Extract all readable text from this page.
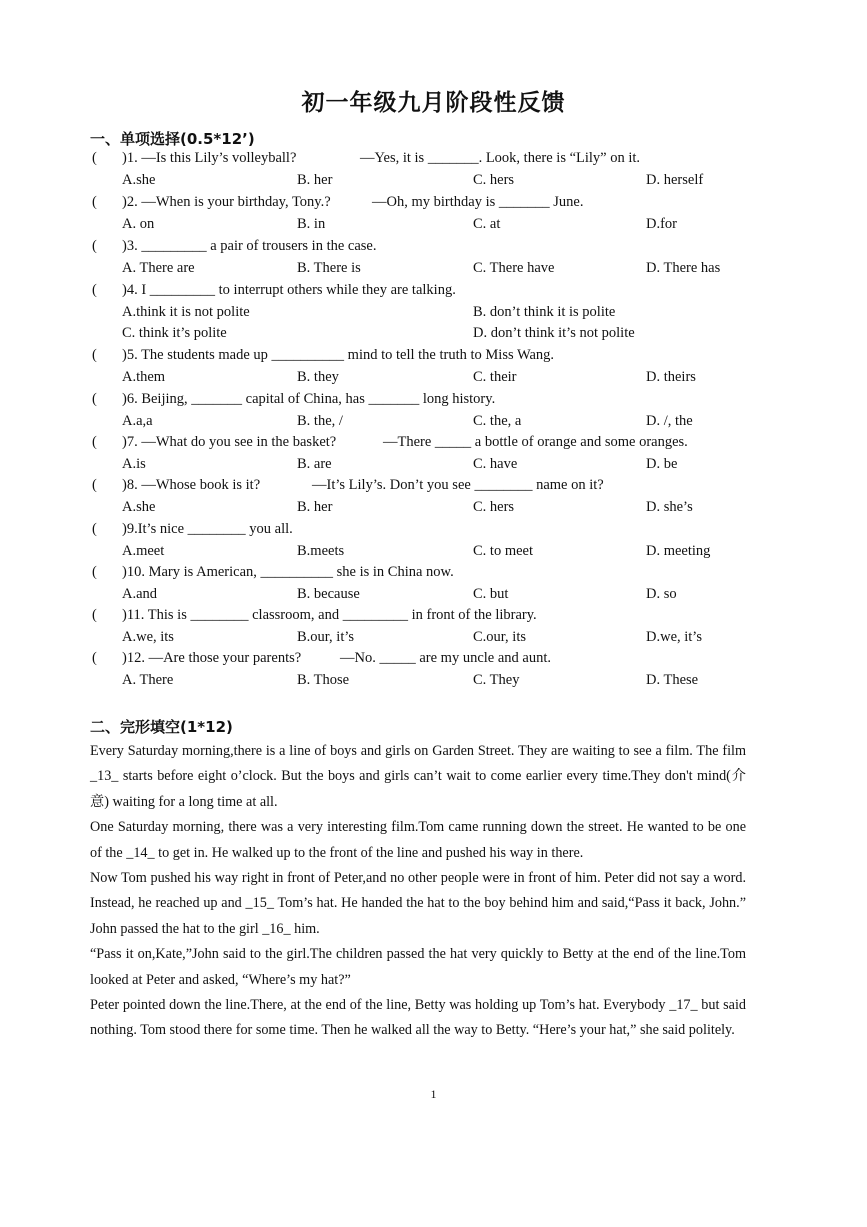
初一年级九月阶段性反馈
一、单项选择(0.5*12’)
( )1. —Is this Lily’s volleyball?	—Yes, it is _______. Look, there is “Lily” on it.
A.she	B. her	C. hers	D. herself
( )2. —When is your birthday, Tony.?	—Oh, my birthday is _______ June.
A. on	B. in	C. at	D.for
( )3. _________ a pair of trousers in the case.
A. There are	B. There is	C. There have	D. There has
( )4. I _________ to interrupt others while they are talking.
A.think it is not polite	B. don’t think it is polite
C. think it’s polite	D. don’t think it’s not polite
( )5. The students made up __________ mind to tell the truth to Miss Wang.
A.them	B. they	C. their	D. theirs
( )6. Beijing, _______ capital of China, has _______ long history.
A.a,a	B. the, /	C. the, a	D. /, the
( )7. —What do you see in the basket?	—There _____ a bottle of orange and some oranges.
A.is	B. are	C. have	D. be
( )8. —Whose book is it?	—It’s Lily’s. Don’t you see ________ name on it?
A.she	B. her	C. hers	D. she’s
( )9.It’s nice ________ you all.
A.meet	B.meets	C. to meet	D. meeting
( )10. Mary is American, __________ she is in China now.
A.and	B. because	C. but	D. so
( )11. This is ________ classroom, and _________ in front of the library.
A.we, its	B.our, it’s	C.our, its	D.we, it’s
( )12. —Are those your parents?	—No. _____ are my uncle and aunt.
A. There	B. Those	C. They	D. These
二、完形填空(1*12)

Every Saturday morning,there is a line of boys and girls on Garden Street. They are waiting to see a film. The film _13_ starts before eight o’clock. But the boys and girls can’t wait to come earlier every time.They don't mind(介意) waiting for a long time at all.

One Saturday morning, there was a very interesting film.Tom came running down the street. He wanted to be one of the _14_ to get in. He walked up to the front of the line and pushed his way in there.

Now Tom pushed his way right in front of Peter,and no other people were in front of him. Peter did not say a word. Instead, he reached up and _15_ Tom’s hat. He handed the hat to the boy behind him and said,“Pass it back, John.” John passed the hat to the girl _16_ him.

“Pass it on,Kate,”John said to the girl.The children passed the hat very quickly to Betty at the end of the line.Tom looked at Peter and asked, “Where’s my hat?”

Peter pointed down the line.There, at the end of the line, Betty was holding up Tom’s hat. Everybody _17_ but said nothing. Tom stood there for some time. Then he walked all the way to Betty. “Here’s your hat,” she said politely.

1
